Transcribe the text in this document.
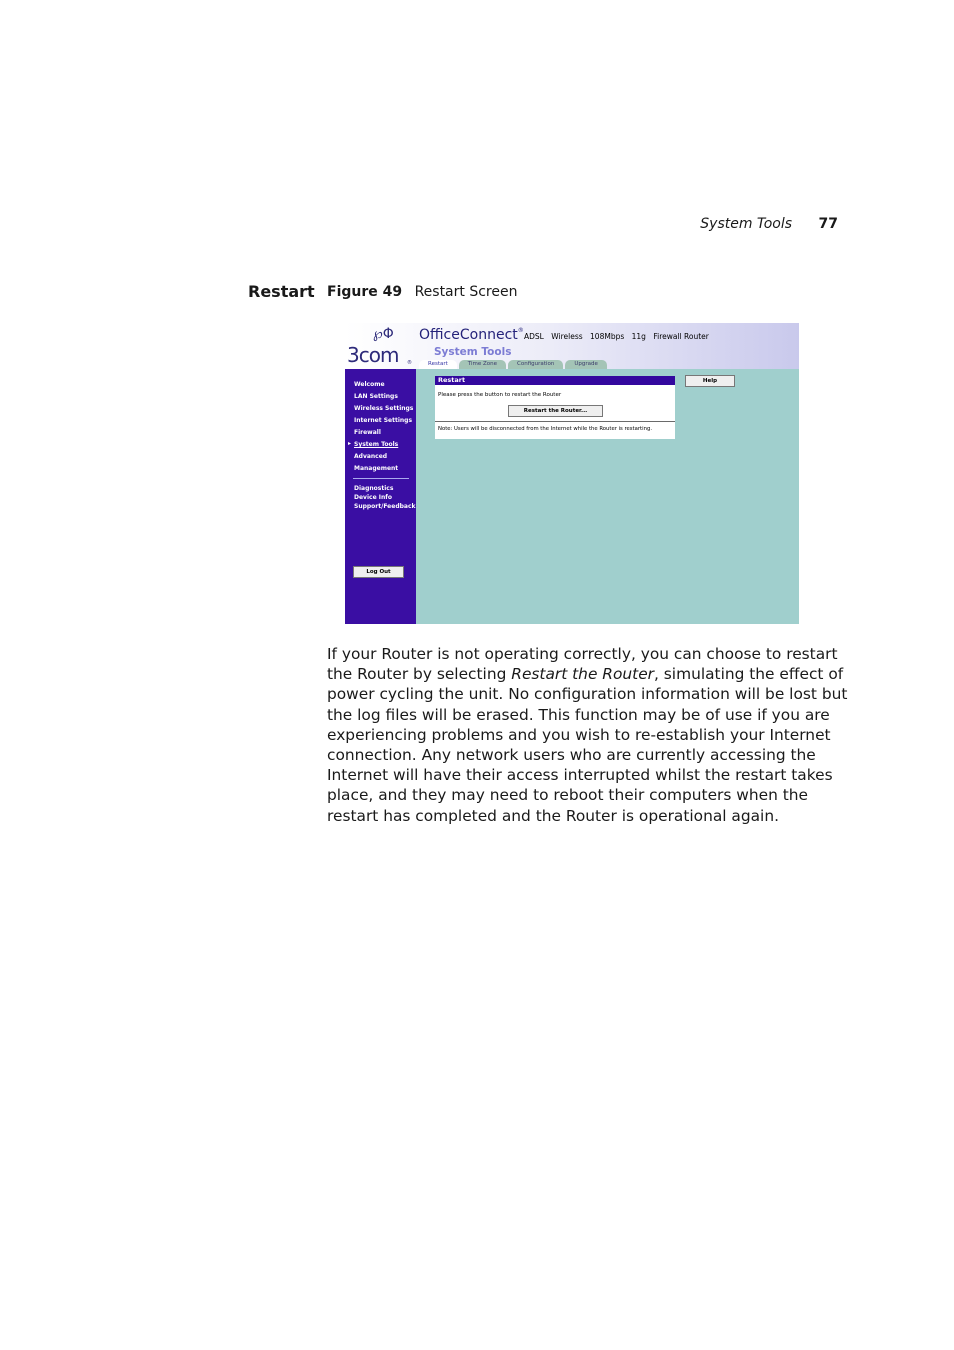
System Tools 77
Restart Figure 49 Restart Screen
℘Φ
3com ®
OfficeConnect®
ADSL Wireless 108Mbps 11g Firewall Router
System Tools
Restart	Time Zone	Configuration	Upgrade
Welcome
LAN Settings
Wireless Settings
Internet Settings
Firewall
▸ System Tools
Advanced
Management
Diagnostics
Device Info
Support/Feedback
Log Out
Restart
Please press the button to restart the Router
Restart the Router...
Note: Users will be disconnected from the Internet while the Router is restarting.
Help
If your Router is not operating correctly, you can choose to restart the Router by selecting Restart the Router, simulating the effect of power cycling the unit. No configuration information will be lost but the log files will be erased. This function may be of use if you are experiencing problems and you wish to re-establish your Internet connection. Any network users who are currently accessing the Internet will have their access interrupted whilst the restart takes place, and they may need to reboot their computers when the restart has completed and the Router is operational again.
